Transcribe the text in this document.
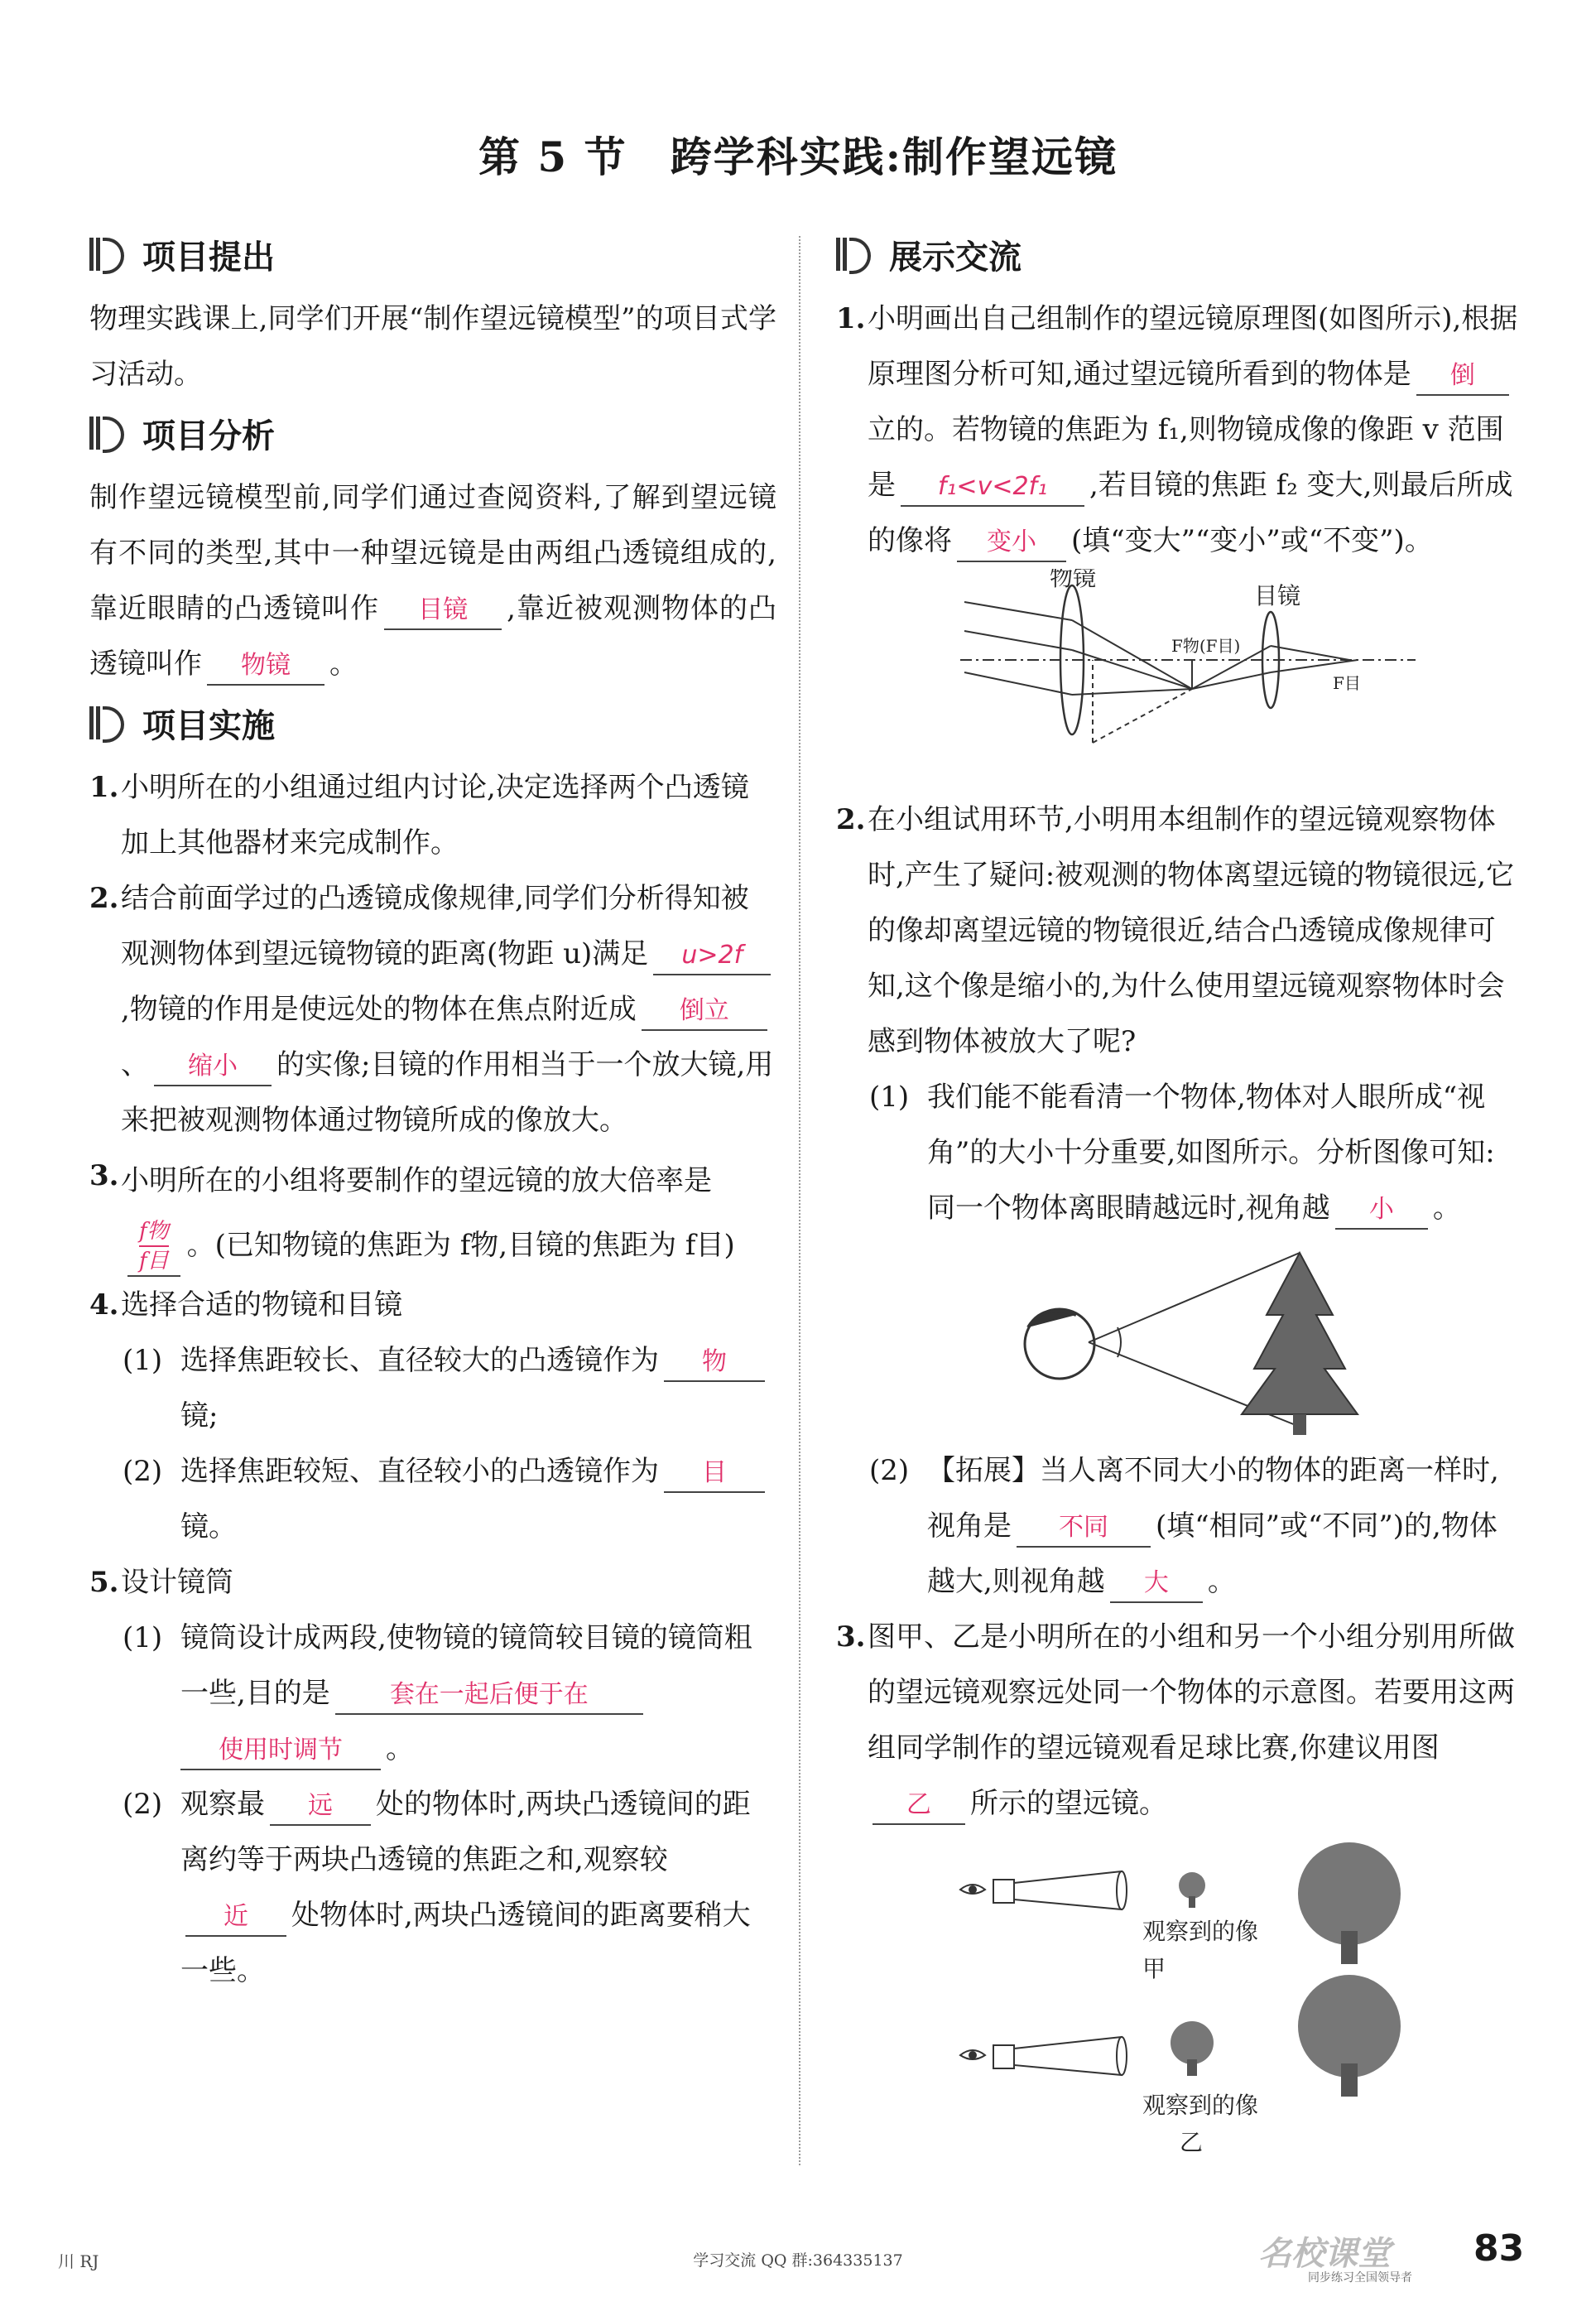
第 5 节　跨学科实践:制作望远镜
项目提出
物理实践课上,同学们开展“制作望远镜模型”的项目式学习活动。
项目分析
制作望远镜模型前,同学们通过查阅资料,了解到望远镜有不同的类型,其中一种望远镜是由两组凸透镜组成的,靠近眼睛的凸透镜叫作 目镜 ,靠近被观测物体的凸透镜叫作 物镜 。
项目实施
1. 小明所在的小组通过组内讨论,决定选择两个凸透镜加上其他器材来完成制作。
2. 结合前面学过的凸透镜成像规律,同学们分析得知被观测物体到望远镜物镜的距离(物距 u)满足 u>2f,物镜的作用是使远处的物体在焦点附近成 倒立、 缩小 的实像;目镜的作用相当于一个放大镜,用来把被观测物体通过物镜所成的像放大。
3. 小明所在的小组将要制作的望远镜的放大倍率是
$\frac{\text{f物}}{\text{f目}}$ 。(已知物镜的焦距为 f物,目镜的焦距为 f目)
4. 选择合适的物镜和目镜
(1) 选择焦距较长、直径较大的凸透镜作为 物镜;
(2) 选择焦距较短、直径较小的凸透镜作为 目镜。
5. 设计镜筒
(1) 镜筒设计成两段,使物镜的镜筒较目镜的镜筒粗一些,目的是 套在一起后便于在使用时调节 。
(2) 观察最 远 处的物体时,两块凸透镜间的距离约等于两块凸透镜的焦距之和,观察较近 处物体时,两块凸透镜间的距离要稍大一些。
展示交流
1. 小明画出自己组制作的望远镜原理图(如图所示),根据原理图分析可知,通过望远镜所看到的物体是 倒立的。若物镜的焦距为 f₁,则物镜成像的像距 v 范围是 f₁<v<2f₁ ,若目镜的焦距 f₂ 变大,则最后所成的像将 变小 (填“变大”“变小”或“不变”)。
物镜
目镜
F物(F目)
F目
2. 在小组试用环节,小明用本组制作的望远镜观察物体时,产生了疑问:被观测的物体离望远镜的物镜很远,它的像却离望远镜的物镜很近,结合凸透镜成像规律可知,这个像是缩小的,为什么使用望远镜观察物体时会感到物体被放大了呢?
(1) 我们能不能看清一个物体,物体对人眼所成“视角”的大小十分重要,如图所示。分析图像可知:同一个物体离眼睛越远时,视角越 小 。
(2) 【拓展】当人离不同大小的物体的距离一样时,视角是 不同 (填“相同”或“不同”)的,物体越大,则视角越 大 。
3. 图甲、乙是小明所在的小组和另一个小组分别用所做的望远镜观察远处同一个物体的示意图。若要用这两组同学制作的望远镜观看足球比赛,你建议用图乙 所示的望远镜。
观察到的像
甲
观察到的像
乙
川 RJ	学习交流 QQ 群:364335137	名校课堂
同步练习全国领导者
83
